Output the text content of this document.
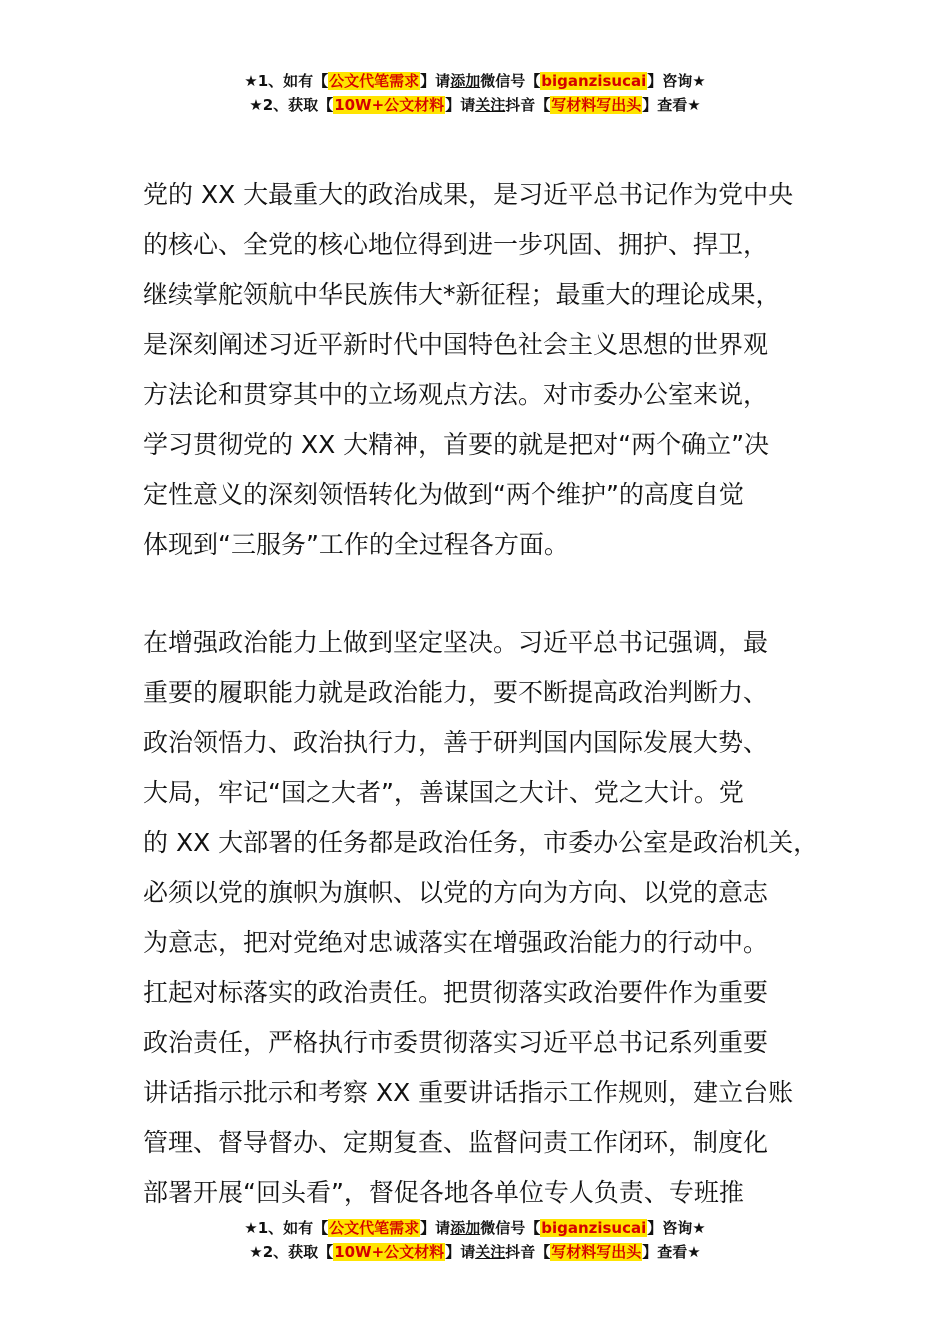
★1、如有【公文代笔需求】请添加微信号【biganzisucai】咨询★
★2、获取【10W+公文材料】请关注抖音【写材料写出头】查看★

党的 XX 大最重大的政治成果，是习近平总书记作为党中央

的核心、全党的核心地位得到进一步巩固、拥护、捍卫，

继续掌舵领航中华民族伟大*新征程；最重大的理论成果，

是深刻阐述习近平新时代中国特色社会主义思想的世界观

方法论和贯穿其中的立场观点方法。对市委办公室来说，

学习贯彻党的 XX 大精神，首要的就是把对“两个确立”决

定性意义的深刻领悟转化为做到“两个维护”的高度自觉

体现到“三服务”工作的全过程各方面。

在增强政治能力上做到坚定坚决。习近平总书记强调，最

重要的履职能力就是政治能力，要不断提高政治判断力、

政治领悟力、政治执行力，善于研判国内国际发展大势、

大局，牢记“国之大者”，善谋国之大计、党之大计。党

的 XX 大部署的任务都是政治任务，市委办公室是政治机关，

必须以党的旗帜为旗帜、以党的方向为方向、以党的意志

为意志，把对党绝对忠诚落实在增强政治能力的行动中。

扛起对标落实的政治责任。把贯彻落实政治要件作为重要

政治责任，严格执行市委贯彻落实习近平总书记系列重要

讲话指示批示和考察 XX 重要讲话指示工作规则，建立台账

管理、督导督办、定期复查、监督问责工作闭环，制度化

部署开展“回头看”，督促各地各单位专人负责、专班推

★1、如有【公文代笔需求】请添加微信号【biganzisucai】咨询★
★2、获取【10W+公文材料】请关注抖音【写材料写出头】查看★
